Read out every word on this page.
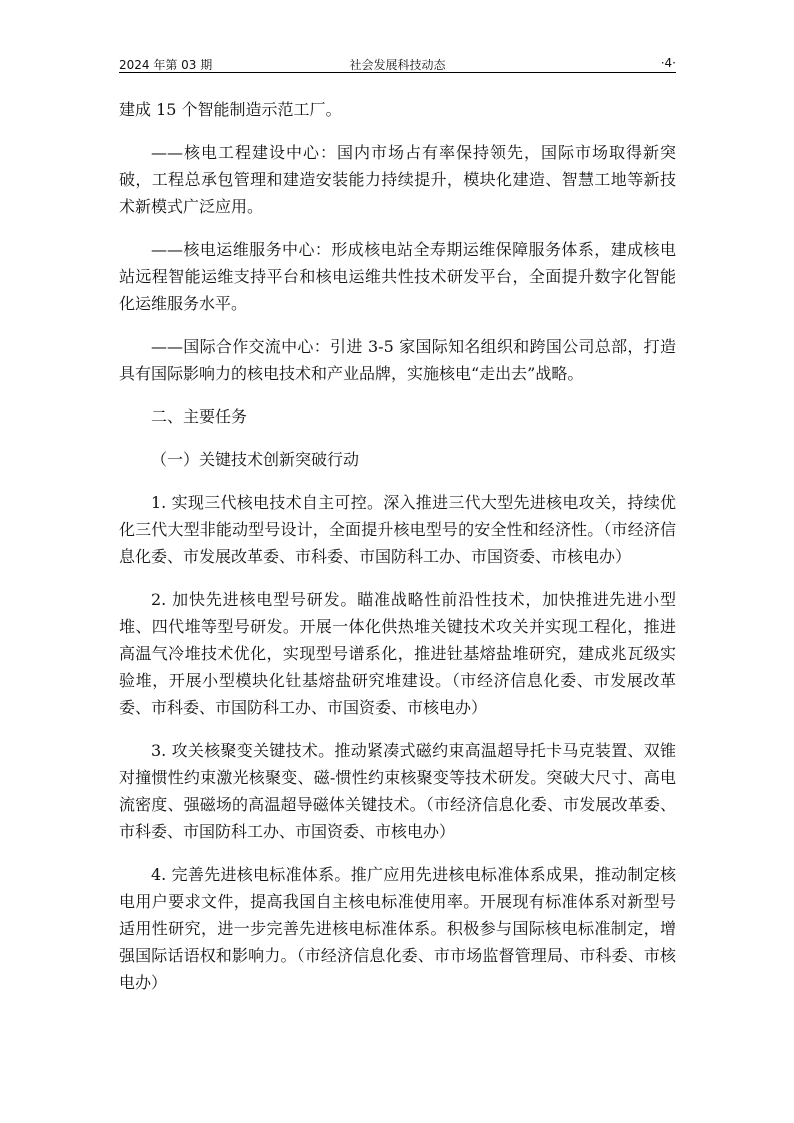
2024 年第 03 期	社会发展科技动态	·4·

建成 15 个智能制造示范工厂。

——核电工程建设中心：国内市场占有率保持领先，国际市场取得新突破，工程总承包管理和建造安装能力持续提升，模块化建造、智慧工地等新技术新模式广泛应用。

——核电运维服务中心：形成核电站全寿期运维保障服务体系，建成核电站远程智能运维支持平台和核电运维共性技术研发平台，全面提升数字化智能化运维服务水平。

——国际合作交流中心：引进 3-5 家国际知名组织和跨国公司总部，打造具有国际影响力的核电技术和产业品牌，实施核电“走出去”战略。

二、主要任务

（一）关键技术创新突破行动

1. 实现三代核电技术自主可控。深入推进三代大型先进核电攻关，持续优化三代大型非能动型号设计，全面提升核电型号的安全性和经济性。（市经济信息化委、市发展改革委、市科委、市国防科工办、市国资委、市核电办）

2. 加快先进核电型号研发。瞄准战略性前沿性技术，加快推进先进小型堆、四代堆等型号研发。开展一体化供热堆关键技术攻关并实现工程化，推进高温气冷堆技术优化，实现型号谱系化，推进钍基熔盐堆研究，建成兆瓦级实验堆，开展小型模块化钍基熔盐研究堆建设。（市经济信息化委、市发展改革委、市科委、市国防科工办、市国资委、市核电办）

3. 攻关核聚变关键技术。推动紧凑式磁约束高温超导托卡马克装置、双锥对撞惯性约束激光核聚变、磁-惯性约束核聚变等技术研发。突破大尺寸、高电流密度、强磁场的高温超导磁体关键技术。（市经济信息化委、市发展改革委、市科委、市国防科工办、市国资委、市核电办）

4. 完善先进核电标准体系。推广应用先进核电标准体系成果，推动制定核电用户要求文件，提高我国自主核电标准使用率。开展现有标准体系对新型号适用性研究，进一步完善先进核电标准体系。积极参与国际核电标准制定，增强国际话语权和影响力。（市经济信息化委、市市场监督管理局、市科委、市核电办）
